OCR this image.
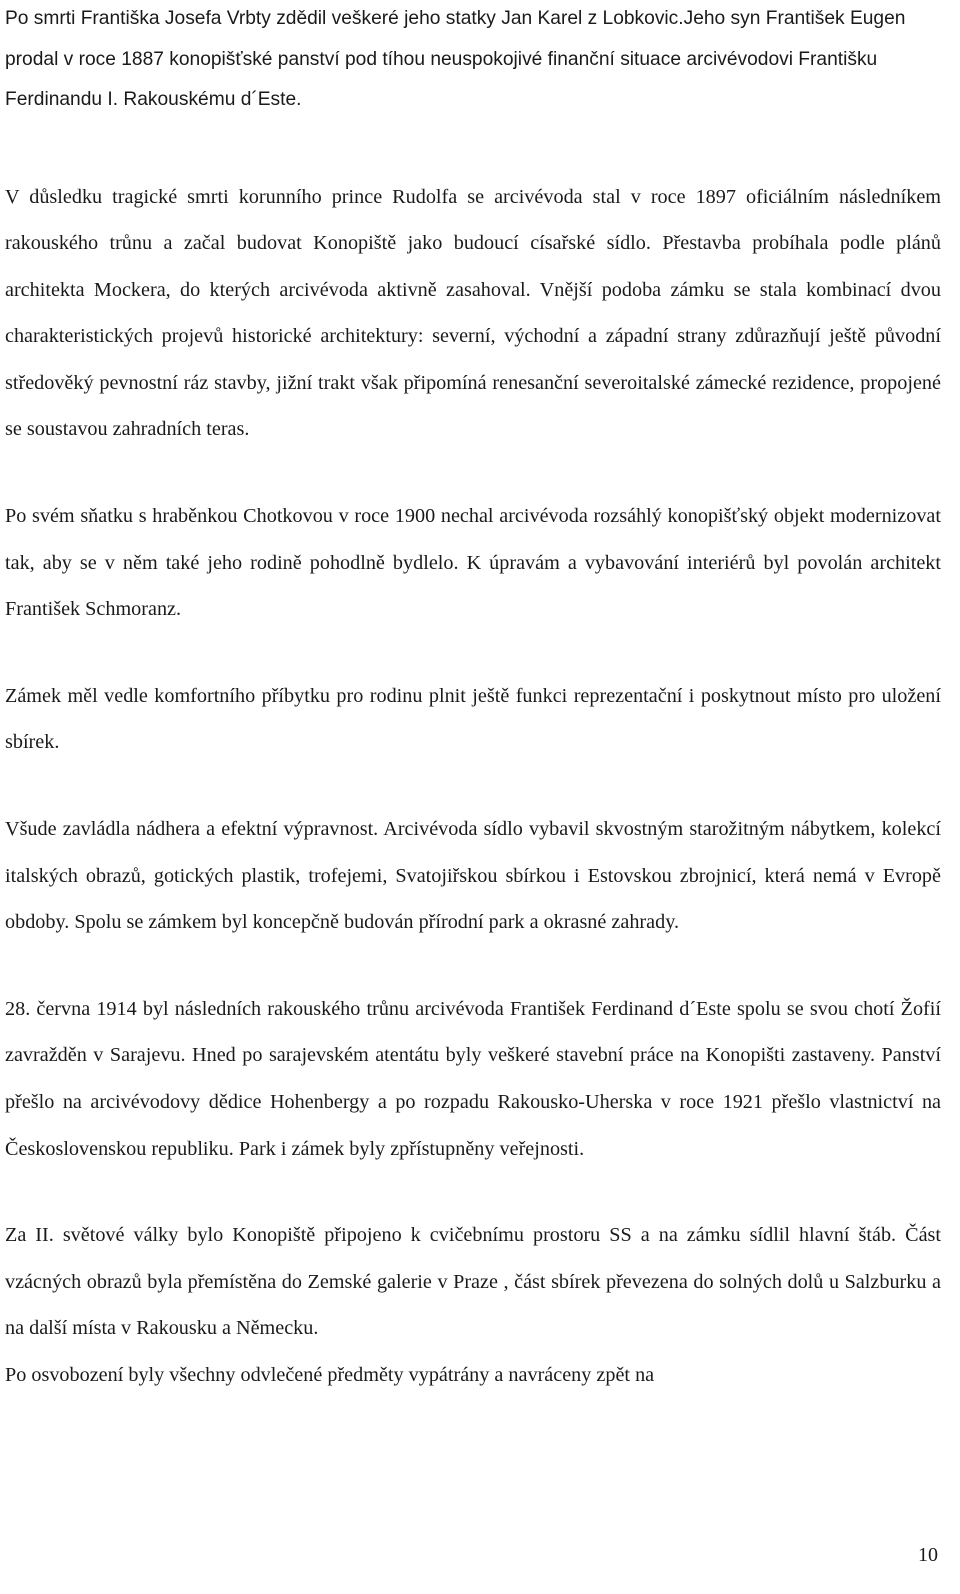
Po smrti Františka Josefa Vrbty zdědil veškeré jeho statky Jan Karel z Lobkovic.Jeho syn František Eugen prodal v roce 1887 konopišťské panství pod tíhou neuspokojivé finanční situace arcivévodovi Františku Ferdinandu I. Rakouskému d´Este.

V důsledku tragické smrti korunního prince Rudolfa se arcivévoda stal v roce 1897 oficiálním následníkem rakouského trůnu a začal budovat Konopiště jako budoucí císařské sídlo. Přestavba probíhala podle plánů architekta Mockera, do kterých arcivévoda aktivně zasahoval. Vnější podoba zámku se stala kombinací dvou charakteristických projevů historické architektury: severní, východní a západní strany zdůrazňují ještě původní středověký pevnostní ráz stavby, jižní trakt však připomíná renesanční severoitalské zámecké rezidence, propojené se soustavou zahradních teras.

Po svém sňatku s hraběnkou Chotkovou v roce 1900 nechal arcivévoda rozsáhlý konopišťský objekt modernizovat tak, aby se v něm také jeho rodině pohodlně bydlelo. K úpravám a vybavování interiérů byl povolán architekt František Schmoranz.

Zámek měl vedle komfortního příbytku pro rodinu plnit ještě funkci reprezentační i poskytnout místo pro uložení sbírek.

Všude zavládla nádhera a efektní výpravnost. Arcivévoda sídlo vybavil skvostným starožitným nábytkem, kolekcí italských obrazů, gotických plastik, trofejemi, Svatojiřskou sbírkou i Estovskou zbrojnicí, která nemá v Evropě obdoby. Spolu se zámkem byl koncepčně budován přírodní park a okrasné zahrady.

28. června 1914 byl následních rakouského trůnu arcivévoda František Ferdinand d´Este spolu se svou chotí Žofií zavražděn v Sarajevu. Hned po sarajevském atentátu byly veškeré stavební práce na Konopišti zastaveny. Panství přešlo na arcivévodovy dědice Hohenbergy a po rozpadu Rakousko-Uherska v roce 1921 přešlo vlastnictví na Československou republiku. Park i zámek byly zpřístupněny veřejnosti.

Za II. světové války bylo Konopiště připojeno k cvičebnímu prostoru SS a na zámku sídlil hlavní štáb. Část vzácných obrazů byla přemístěna do Zemské galerie v Praze , část sbírek převezena do solných dolů u Salzburku a na další místa v Rakousku a Německu.

Po osvobození byly všechny odvlečené předměty vypátrány a navráceny zpět na

10
